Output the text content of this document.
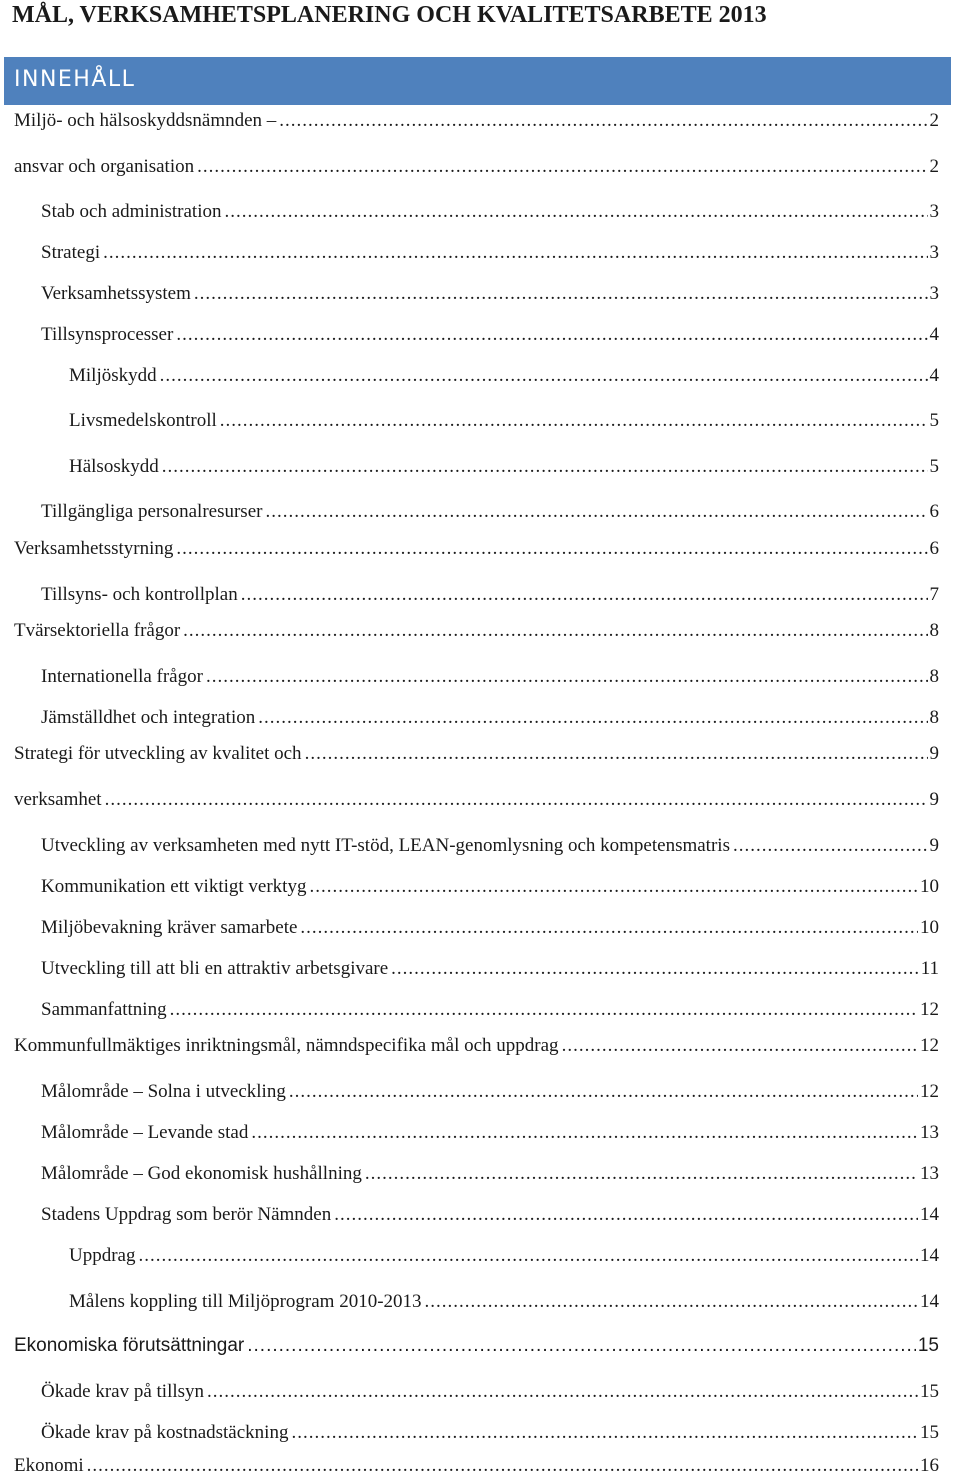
MÅL, VERKSAMHETSPLANERING OCH KVALITETSARBETE 2013
INNEHÅLL
Miljö- och hälsoskyddsnämnden – .....	2
ansvar och organisation .....	2
Stab och administration .....	3
Strategi .....	3
Verksamhetssystem .....	3
Tillsynsprocesser .....	4
Miljöskydd .....	4
Livsmedelskontroll .....	5
Hälsoskydd .....	5
Tillgängliga personalresurser .....	6
Verksamhetsstyrning .....	6
Tillsyns- och kontrollplan .....	7
Tvärsektoriella frågor .....	8
Internationella frågor .....	8
Jämställdhet och integration .....	8
Strategi för utveckling av kvalitet och .....	9
verksamhet .....	9
Utveckling av verksamheten med nytt IT-stöd, LEAN-genomlysning och kompetensmatris .....	9
Kommunikation ett viktigt verktyg .....	10
Miljöbevakning kräver samarbete .....	10
Utveckling till att bli en attraktiv arbetsgivare .....	11
Sammanfattning .....	12
Kommunfullmäktiges inriktningsmål, nämndspecifika mål och uppdrag .....	12
Målområde – Solna i utveckling .....	12
Målområde – Levande stad .....	13
Målområde – God ekonomisk hushållning .....	13
Stadens Uppdrag som berör Nämnden .....	14
Uppdrag .....	14
Målens koppling till Miljöprogram 2010-2013 .....	14
Ekonomiska förutsättningar .....	15
Ökade krav på tillsyn .....	15
Ökade krav på kostnadstäckning .....	15
Ekonomi .....	16
